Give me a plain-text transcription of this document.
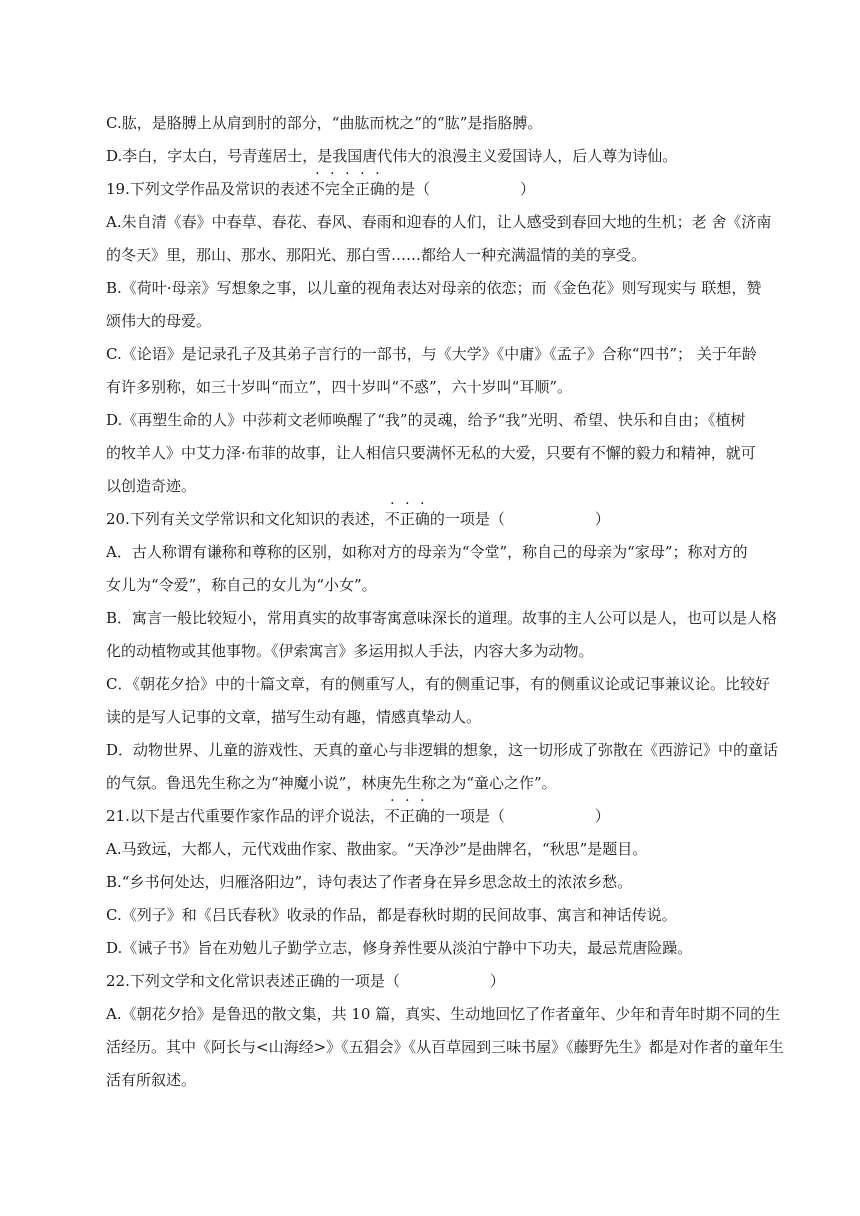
C.肱，是胳膊上从肩到肘的部分，“曲肱而枕之”的“肱”是指胳膊。
D.李白，字太白，号青莲居士，是我国唐代伟大的浪漫主义爱国诗人，后人尊为诗仙。
19.下列文学作品及常识的表述不完全正确的是（	）
A.朱自清《春》中春草、春花、春风、春雨和迎春的人们，让人感受到春回大地的生机；老 舍《济南
的冬天》里，那山、那水、那阳光、那白雪……都给人一种充满温情的美的享受。
B.《荷叶·母亲》写想象之事，以儿童的视角表达对母亲的依恋；而《金色花》则写现实与 联想，赞
颂伟大的母爱。
C.《论语》是记录孔子及其弟子言行的一部书，与《大学》《中庸》《孟子》合称“四书”； 关于年龄
有许多别称，如三十岁叫“而立”，四十岁叫“不惑”，六十岁叫“耳顺”。
D.《再塑生命的人》中莎莉文老师唤醒了“我”的灵魂，给予“我”光明、希望、快乐和自由；《植树
的牧羊人》中艾力泽·布菲的故事，让人相信只要满怀无私的大爱，只要有不懈的毅力和精神，就可
以创造奇迹。
20.下列有关文学常识和文化知识的表述，不正确的一项是（	）
A．古人称谓有谦称和尊称的区别，如称对方的母亲为“令堂”，称自己的母亲为“家母”；称对方的
女儿为“令爱”，称自己的女儿为“小女”。
B．寓言一般比较短小，常用真实的故事寄寓意味深长的道理。故事的主人公可以是人，也可以是人格
化的动植物或其他事物。《伊索寓言》多运用拟人手法，内容大多为动物。
C．《朝花夕拾》中的十篇文章，有的侧重写人，有的侧重记事，有的侧重议论或记事兼议论。比较好
读的是写人记事的文章，描写生动有趣，情感真挚动人。
D．动物世界、儿童的游戏性、天真的童心与非逻辑的想象，这一切形成了弥散在《西游记》中的童话
的气氛。鲁迅先生称之为“神魔小说”，林庚先生称之为“童心之作”。
21.以下是古代重要作家作品的评介说法，不正确的一项是（	）
A.马致远，大都人，元代戏曲作家、散曲家。“天净沙”是曲牌名，“秋思”是题目。
B.“乡书何处达，归雁洛阳边”，诗句表达了作者身在异乡思念故土的浓浓乡愁。
C.《列子》和《吕氏春秋》收录的作品，都是春秋时期的民间故事、寓言和神话传说。
D.《诫子书》旨在劝勉儿子勤学立志，修身养性要从淡泊宁静中下功夫，最忌荒唐险躁。
22.下列文学和文化常识表述正确的一项是（	）
A.《朝花夕拾》是鲁迅的散文集，共 10 篇，真实、生动地回忆了作者童年、少年和青年时期不同的生
活经历。其中《阿长与<山海经>》《五猖会》《从百草园到三味书屋》《藤野先生》都是对作者的童年生
活有所叙述。
